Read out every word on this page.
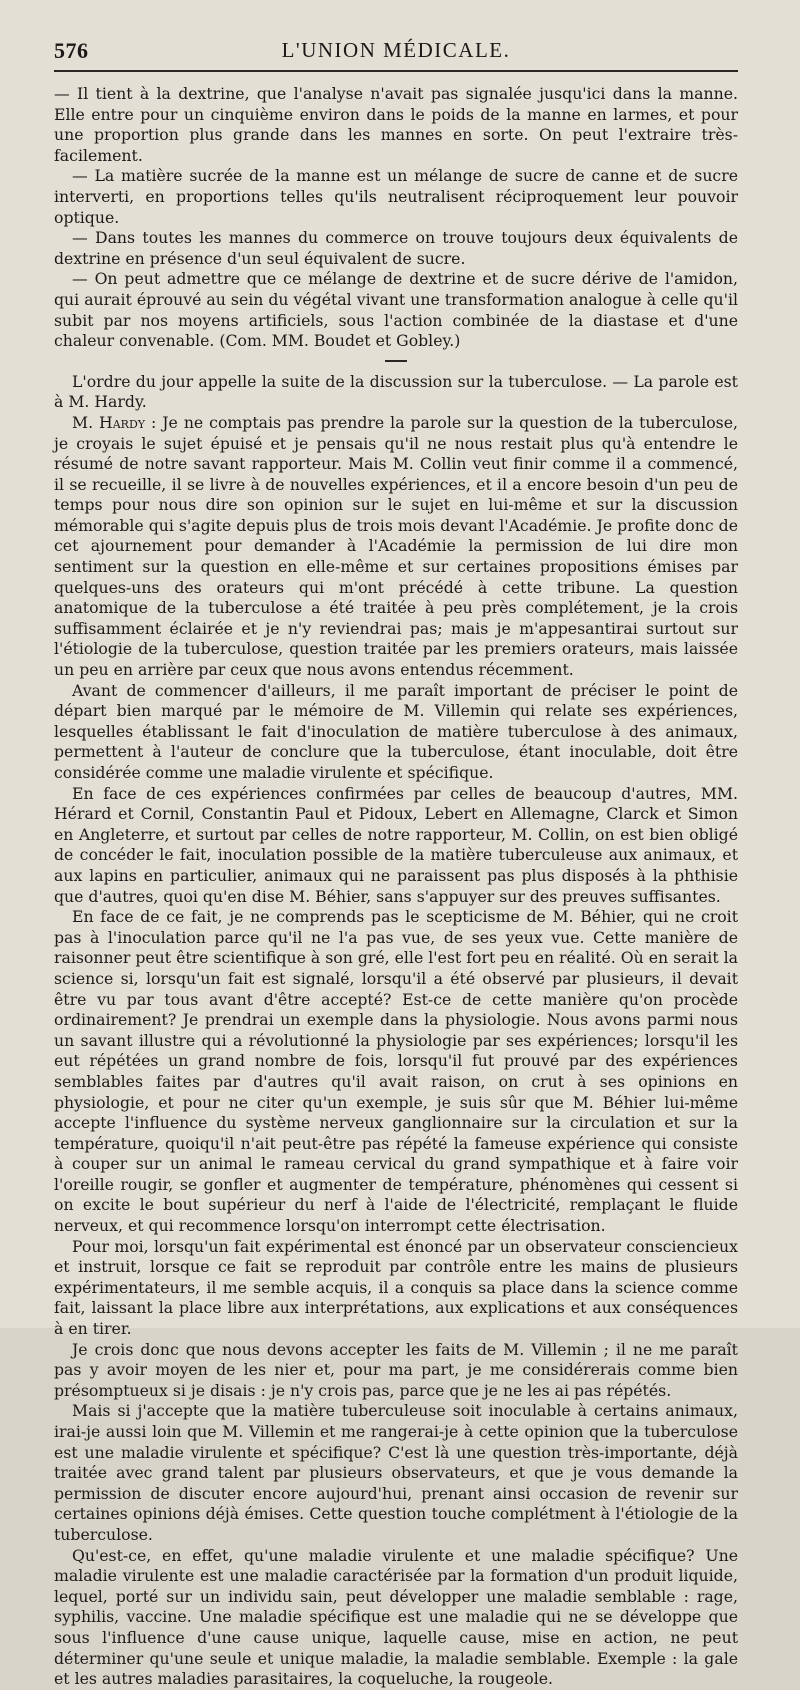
576	L'UNION MÉDICALE.

— Il tient à la dextrine, que l'analyse n'avait pas signalée jusqu'ici dans la manne. Elle entre pour un cinquième environ dans le poids de la manne en larmes, et pour une proportion plus grande dans les mannes en sorte. On peut l'extraire très-facilement.

— La matière sucrée de la manne est un mélange de sucre de canne et de sucre interverti, en proportions telles qu'ils neutralisent réciproquement leur pouvoir optique.

— Dans toutes les mannes du commerce on trouve toujours deux équivalents de dextrine en présence d'un seul équivalent de sucre.

— On peut admettre que ce mélange de dextrine et de sucre dérive de l'amidon, qui aurait éprouvé au sein du végétal vivant une transformation analogue à celle qu'il subit par nos moyens artificiels, sous l'action combinée de la diastase et d'une chaleur convenable. (Com. MM. Boudet et Gobley.)

L'ordre du jour appelle la suite de la discussion sur la tuberculose. — La parole est à M. Hardy.

M. Hardy : Je ne comptais pas prendre la parole sur la question de la tuberculose, je croyais le sujet épuisé et je pensais qu'il ne nous restait plus qu'à entendre le résumé de notre savant rapporteur. Mais M. Collin veut finir comme il a commencé, il se recueille, il se livre à de nouvelles expériences, et il a encore besoin d'un peu de temps pour nous dire son opinion sur le sujet en lui-même et sur la discussion mémorable qui s'agite depuis plus de trois mois devant l'Académie. Je profite donc de cet ajournement pour demander à l'Académie la permission de lui dire mon sentiment sur la question en elle-même et sur certaines propositions émises par quelques-uns des orateurs qui m'ont précédé à cette tribune. La question anatomique de la tuberculose a été traitée à peu près complétement, je la crois suffisamment éclairée et je n'y reviendrai pas; mais je m'appesantirai surtout sur l'étiologie de la tuberculose, question traitée par les premiers orateurs, mais laissée un peu en arrière par ceux que nous avons entendus récemment.

Avant de commencer d'ailleurs, il me paraît important de préciser le point de départ bien marqué par le mémoire de M. Villemin qui relate ses expériences, lesquelles établissant le fait d'inoculation de matière tuberculose à des animaux, permettent à l'auteur de conclure que la tuberculose, étant inoculable, doit être considérée comme une maladie virulente et spécifique.

En face de ces expériences confirmées par celles de beaucoup d'autres, MM. Hérard et Cornil, Constantin Paul et Pidoux, Lebert en Allemagne, Clarck et Simon en Angleterre, et surtout par celles de notre rapporteur, M. Collin, on est bien obligé de concéder le fait, inoculation possible de la matière tuberculeuse aux animaux, et aux lapins en particulier, animaux qui ne paraissent pas plus disposés à la phthisie que d'autres, quoi qu'en dise M. Béhier, sans s'appuyer sur des preuves suffisantes.

En face de ce fait, je ne comprends pas le scepticisme de M. Béhier, qui ne croit pas à l'inoculation parce qu'il ne l'a pas vue, de ses yeux vue. Cette manière de raisonner peut être scientifique à son gré, elle l'est fort peu en réalité. Où en serait la science si, lorsqu'un fait est signalé, lorsqu'il a été observé par plusieurs, il devait être vu par tous avant d'être accepté? Est-ce de cette manière qu'on procède ordinairement? Je prendrai un exemple dans la physiologie. Nous avons parmi nous un savant illustre qui a révolutionné la physiologie par ses expériences; lorsqu'il les eut répétées un grand nombre de fois, lorsqu'il fut prouvé par des expériences semblables faites par d'autres qu'il avait raison, on crut à ses opinions en physiologie, et pour ne citer qu'un exemple, je suis sûr que M. Béhier lui-même accepte l'influence du système nerveux ganglionnaire sur la circulation et sur la température, quoiqu'il n'ait peut-être pas répété la fameuse expérience qui consiste à couper sur un animal le rameau cervical du grand sympathique et à faire voir l'oreille rougir, se gonfler et augmenter de température, phénomènes qui cessent si on excite le bout supérieur du nerf à l'aide de l'électricité, remplaçant le fluide nerveux, et qui recommence lorsqu'on interrompt cette électrisation.

Pour moi, lorsqu'un fait expérimental est énoncé par un observateur consciencieux et instruit, lorsque ce fait se reproduit par contrôle entre les mains de plusieurs expérimentateurs, il me semble acquis, il a conquis sa place dans la science comme fait, laissant la place libre aux interprétations, aux explications et aux conséquences à en tirer.

Je crois donc que nous devons accepter les faits de M. Villemin ; il ne me paraît pas y avoir moyen de les nier et, pour ma part, je me considérerais comme bien présomptueux si je disais : je n'y crois pas, parce que je ne les ai pas répétés.

Mais si j'accepte que la matière tuberculeuse soit inoculable à certains animaux, irai-je aussi loin que M. Villemin et me rangerai-je à cette opinion que la tuberculose est une maladie virulente et spécifique? C'est là une question très-importante, déjà traitée avec grand talent par plusieurs observateurs, et que je vous demande la permission de discuter encore aujourd'hui, prenant ainsi occasion de revenir sur certaines opinions déjà émises. Cette question touche complétment à l'étiologie de la tuberculose.

Qu'est-ce, en effet, qu'une maladie virulente et une maladie spécifique? Une maladie virulente est une maladie caractérisée par la formation d'un produit liquide, lequel, porté sur un individu sain, peut développer une maladie semblable : rage, syphilis, vaccine. Une maladie spécifique est une maladie qui ne se développe que sous l'influence d'une cause unique, laquelle cause, mise en action, ne peut déterminer qu'une seule et unique maladie, la maladie semblable. Exemple : la gale et les autres maladies parasitaires, la coqueluche, la rougeole.
